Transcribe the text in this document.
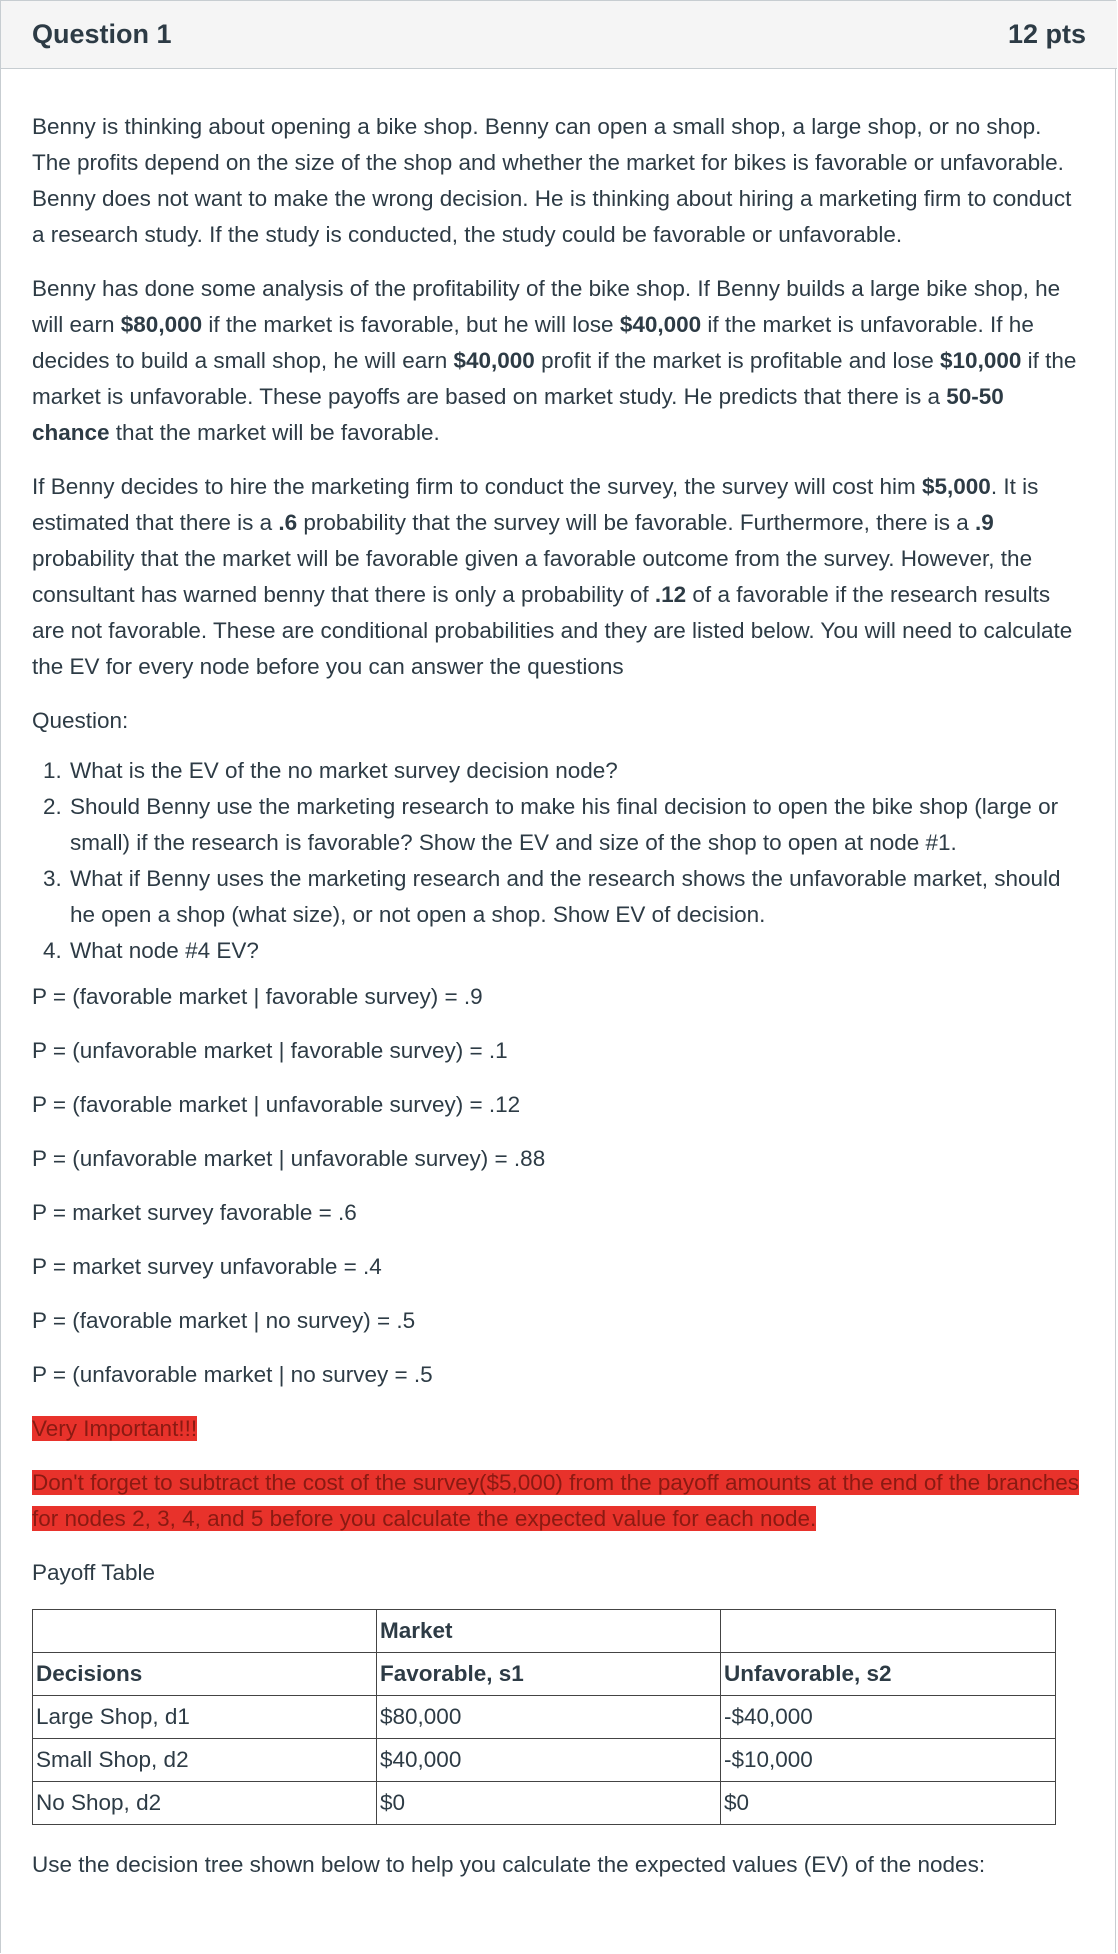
Question 1	12 pts

Benny is thinking about opening a bike shop. Benny can open a small shop, a large shop, or no shop. The profits depend on the size of the shop and whether the market for bikes is favorable or unfavorable. Benny does not want to make the wrong decision. He is thinking about hiring a marketing firm to conduct a research study. If the study is conducted, the study could be favorable or unfavorable.

Benny has done some analysis of the profitability of the bike shop. If Benny builds a large bike shop, he will earn $80,000 if the market is favorable, but he will lose $40,000 if the market is unfavorable. If he decides to build a small shop, he will earn $40,000 profit if the market is profitable and lose $10,000 if the market is unfavorable. These payoffs are based on market study. He predicts that there is a 50-50 chance that the market will be favorable.

If Benny decides to hire the marketing firm to conduct the survey, the survey will cost him $5,000. It is estimated that there is a .6 probability that the survey will be favorable. Furthermore, there is a .9 probability that the market will be favorable given a favorable outcome from the survey. However, the consultant has warned benny that there is only a probability of .12 of a favorable if the research results are not favorable. These are conditional probabilities and they are listed below. You will need to calculate the EV for every node before you can answer the questions

Question:

1. What is the EV of the no market survey decision node?
2. Should Benny use the marketing research to make his final decision to open the bike shop (large or small) if the research is favorable? Show the EV and size of the shop to open at node #1.
3. What if Benny uses the marketing research and the research shows the unfavorable market, should he open a shop (what size), or not open a shop. Show EV of decision.
4. What node #4 EV?

P = (favorable market | favorable survey) = .9

P = (unfavorable market | favorable survey) = .1

P = (favorable market | unfavorable survey) = .12

P = (unfavorable market | unfavorable survey) = .88

P = market survey favorable = .6

P = market survey unfavorable = .4

P = (favorable market | no survey) = .5

P = (unfavorable market | no survey = .5

Very Important!!!

Don't forget to subtract the cost of the survey($5,000) from the payoff amounts at the end of the branches for nodes 2, 3, 4, and 5 before you calculate the expected value for each node.

Payoff Table

	Market	
Decisions	Favorable, s1	Unfavorable, s2
Large Shop, d1	$80,000	-$40,000
Small Shop, d2	$40,000	-$10,000
No Shop, d2	$0	$0

Use the decision tree shown below to help you calculate the expected values (EV) of the nodes:
